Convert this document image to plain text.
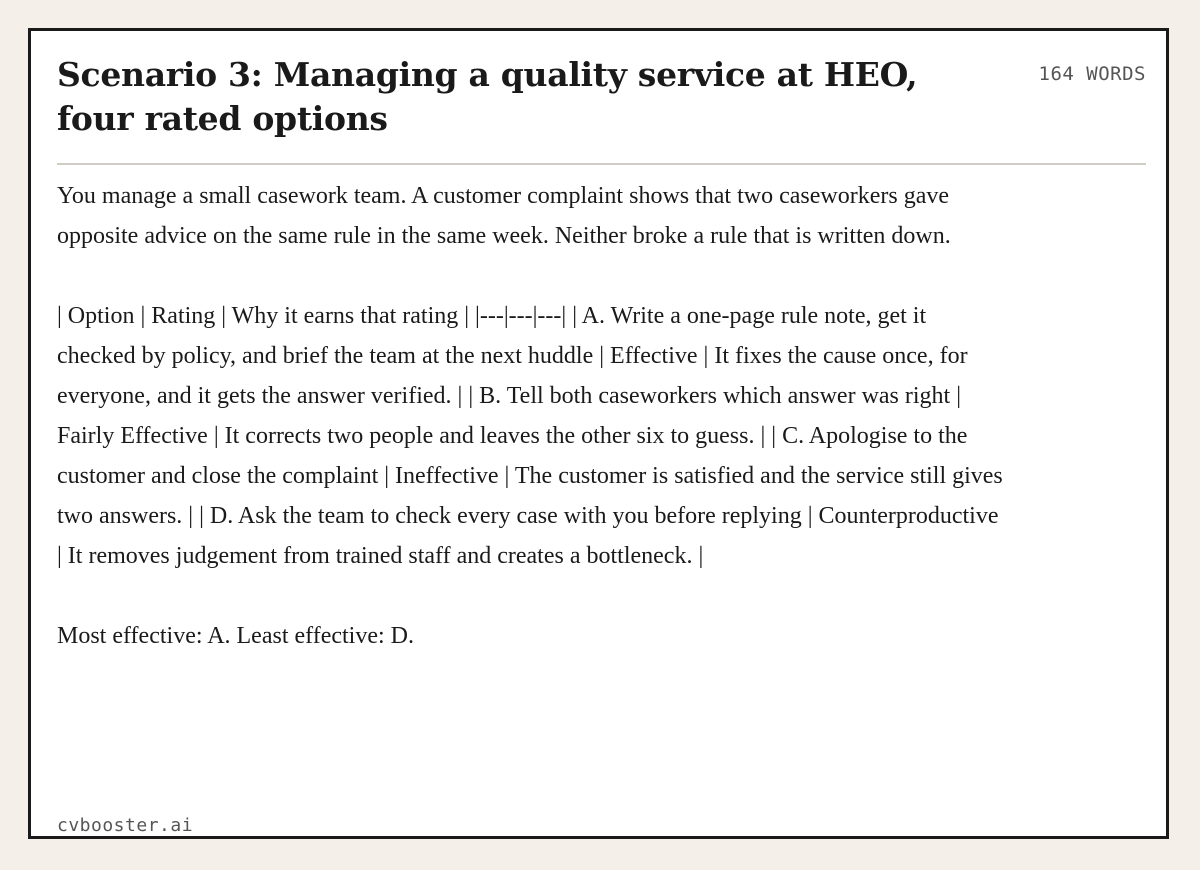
Scenario 3: Managing a quality service at HEO, four rated options
164 WORDS

You manage a small casework team. A customer complaint shows that two caseworkers gave opposite advice on the same rule in the same week. Neither broke a rule that is written down.

| Option | Rating | Why it earns that rating | |---|---|---| | A. Write a one-page rule note, get it checked by policy, and brief the team at the next huddle | Effective | It fixes the cause once, for everyone, and it gets the answer verified. | | B. Tell both caseworkers which answer was right | Fairly Effective | It corrects two people and leaves the other six to guess. | | C. Apologise to the customer and close the complaint | Ineffective | The customer is satisfied and the service still gives two answers. | | D. Ask the team to check every case with you before replying | Counterproductive | It removes judgement from trained staff and creates a bottleneck. |

Most effective: A. Least effective: D.

cvbooster.ai
